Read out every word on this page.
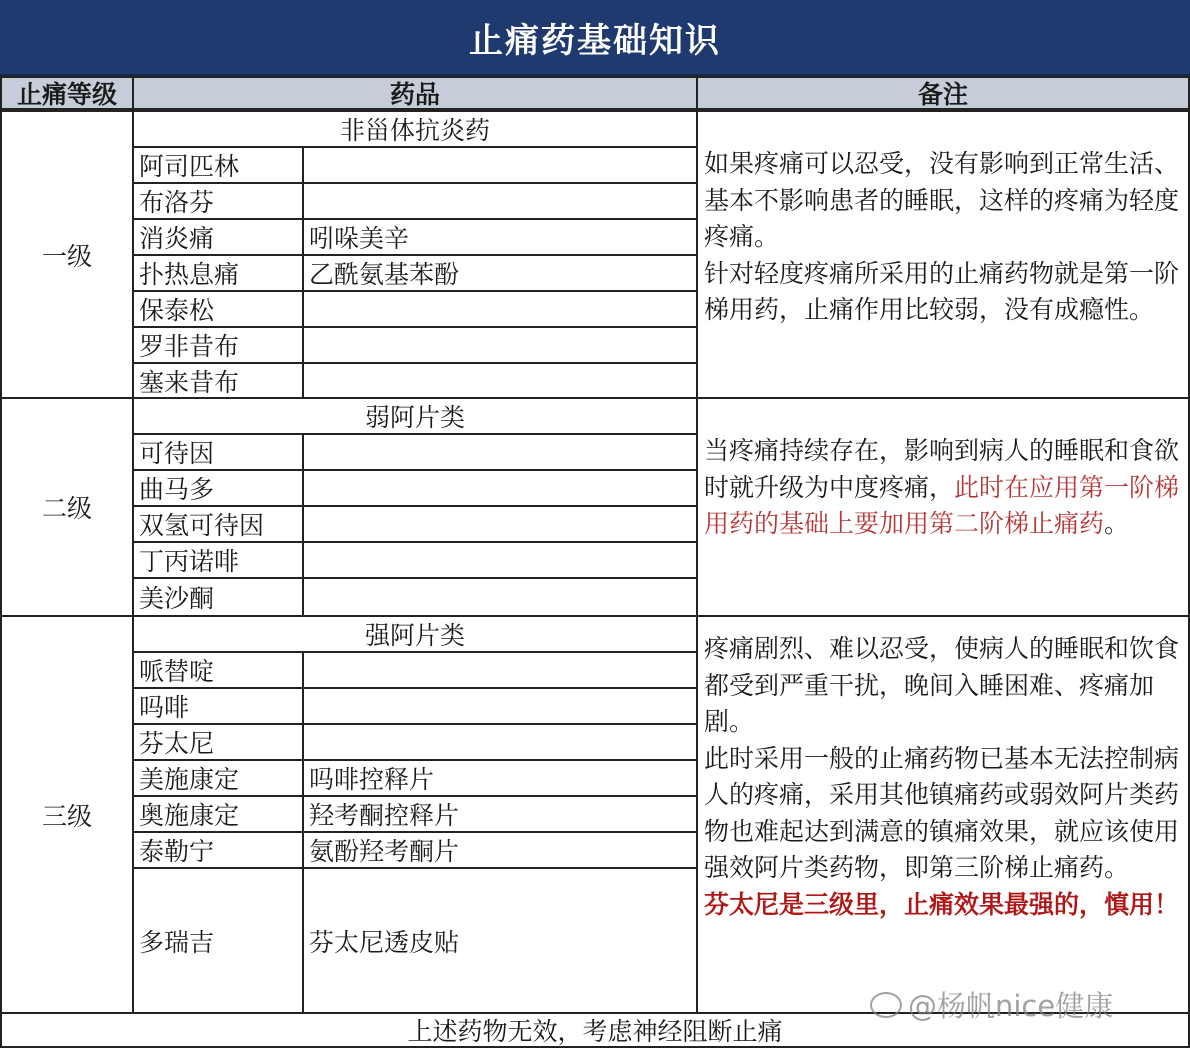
止痛药基础知识
止痛等级	药品	备注
一级
非甾体抗炎药
阿司匹林
布洛芬
消炎痛	吲哚美辛
扑热息痛	乙酰氨基苯酚
保泰松
罗非昔布
塞来昔布
如果疼痛可以忍受，没有影响到正常生活、基本不影响患者的睡眠，这样的疼痛为轻度疼痛。
针对轻度疼痛所采用的止痛药物就是第一阶梯用药，止痛作用比较弱，没有成瘾性。
二级
弱阿片类
可待因
曲马多
双氢可待因
丁丙诺啡
美沙酮
当疼痛持续存在，影响到病人的睡眠和食欲时就升级为中度疼痛，此时在应用第一阶梯用药的基础上要加用第二阶梯止痛药。
三级
强阿片类
哌替啶
吗啡
芬太尼
美施康定	吗啡控释片
奥施康定	羟考酮控释片
泰勒宁	氨酚羟考酮片
多瑞吉	芬太尼透皮贴
疼痛剧烈、难以忍受，使病人的睡眠和饮食都受到严重干扰，晚间入睡困难、疼痛加剧。
此时采用一般的止痛药物已基本无法控制病人的疼痛，采用其他镇痛药或弱效阿片类药物也难起达到满意的镇痛效果，就应该使用强效阿片类药物，即第三阶梯止痛药。
芬太尼是三级里，止痛效果最强的，慎用！
上述药物无效，考虑神经阻断止痛
@杨帆nice健康
